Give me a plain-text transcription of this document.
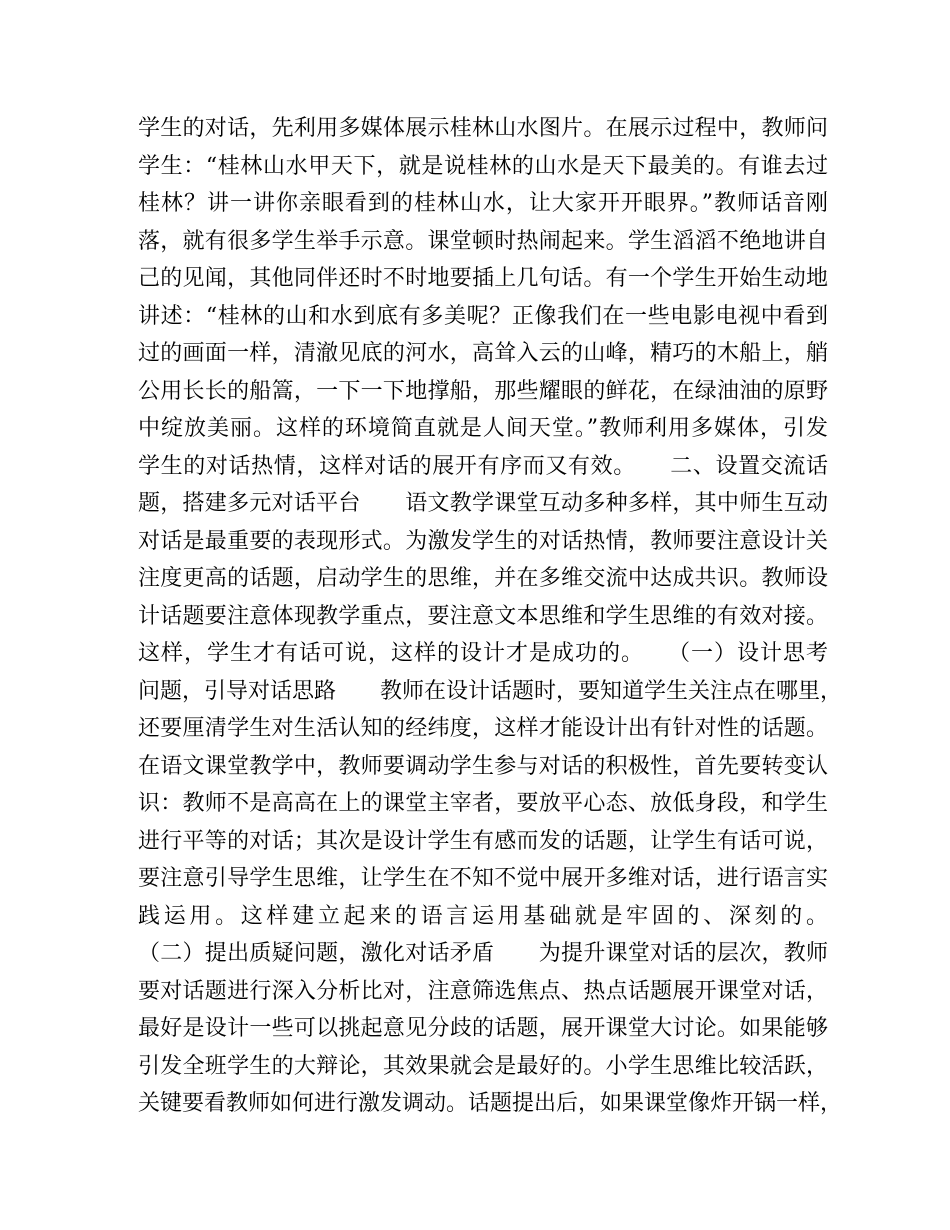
学生的对话，先利用多媒体展示桂林山水图片。在展示过程中，教师问
学生：“桂林山水甲天下，就是说桂林的山水是天下最美的。有谁去过
桂林？讲一讲你亲眼看到的桂林山水，让大家开开眼界。”教师话音刚
落，就有很多学生举手示意。课堂顿时热闹起来。学生滔滔不绝地讲自
己的见闻，其他同伴还时不时地要插上几句话。有一个学生开始生动地
讲述：“桂林的山和水到底有多美呢？正像我们在一些电影电视中看到
过的画面一样，清澈见底的河水，高耸入云的山峰，精巧的木船上，艄
公用长长的船篙，一下一下地撑船，那些耀眼的鲜花，在绿油油的原野
中绽放美丽。这样的环境简直就是人间天堂。”教师利用多媒体，引发
学生的对话热情，这样对话的展开有序而又有效。　　二、设置交流话
题，搭建多元对话平台　　语文教学课堂互动多种多样，其中师生互动
对话是最重要的表现形式。为激发学生的对话热情，教师要注意设计关
注度更高的话题，启动学生的思维，并在多维交流中达成共识。教师设
计话题要注意体现教学重点，要注意文本思维和学生思维的有效对接。
这样，学生才有话可说，这样的设计才是成功的。　　（一）设计思考
问题，引导对话思路　　教师在设计话题时，要知道学生关注点在哪里，
还要厘清学生对生活认知的经纬度，这样才能设计出有针对性的话题。
在语文课堂教学中，教师要调动学生参与对话的积极性，首先要转变认
识：教师不是高高在上的课堂主宰者，要放平心态、放低身段，和学生
进行平等的对话；其次是设计学生有感而发的话题，让学生有话可说，
要注意引导学生思维，让学生在不知不觉中展开多维对话，进行语言实
践运用。这样建立起来的语言运用基础就是牢固的、深刻的。
（二）提出质疑问题，激化对话矛盾　　为提升课堂对话的层次，教师
要对话题进行深入分析比对，注意筛选焦点、热点话题展开课堂对话，
最好是设计一些可以挑起意见分歧的话题，展开课堂大讨论。如果能够
引发全班学生的大辩论，其效果就会是最好的。小学生思维比较活跃，
关键要看教师如何进行激发调动。话题提出后，如果课堂像炸开锅一样，
